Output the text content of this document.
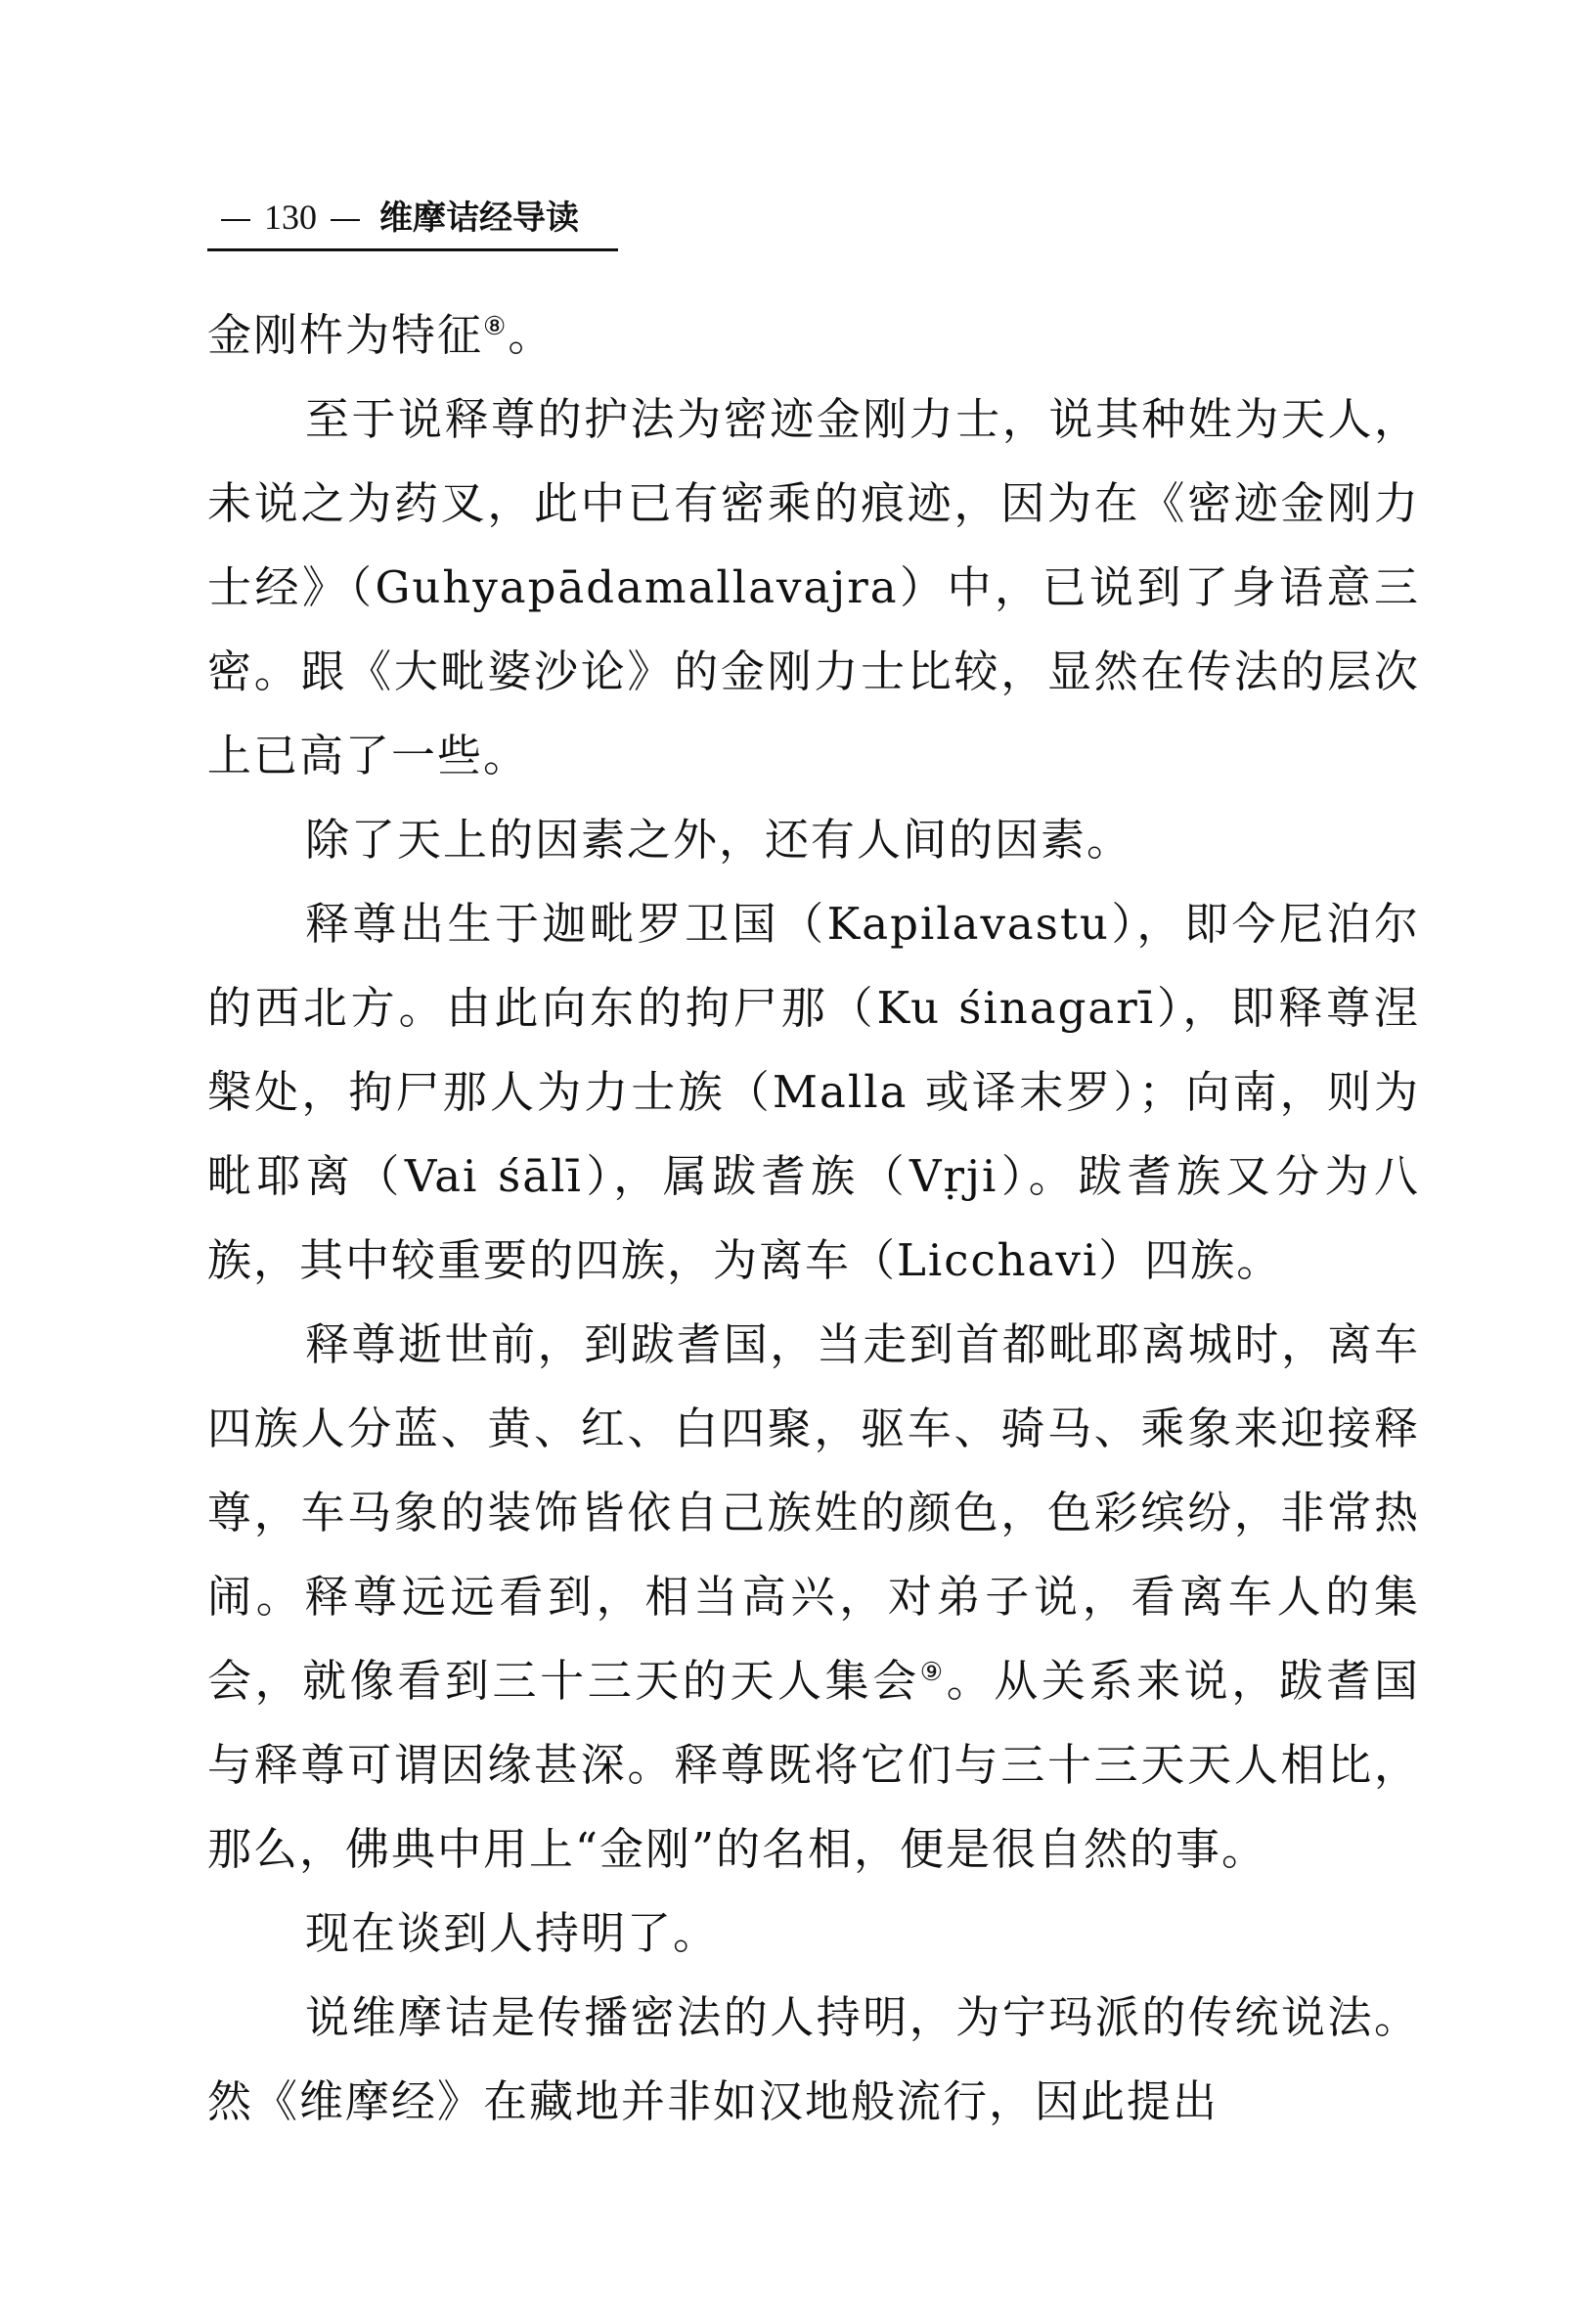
130 维摩诘经导读

金刚杵为特征⑧。

至于说释尊的护法为密迹金刚力士，说其种姓为天人，未说之为药叉，此中已有密乘的痕迹，因为在《密迹金刚力士经》（Guhyapādamallavajra）中，已说到了身语意三密。跟《大毗婆沙论》的金刚力士比较，显然在传法的层次上已高了一些。

除了天上的因素之外，还有人间的因素。

释尊出生于迦毗罗卫国（Kapilavastu），即今尼泊尔的西北方。由此向东的拘尸那（Ku śinagarī），即释尊涅槃处，拘尸那人为力士族（Malla 或译末罗）；向南，则为毗耶离（Vai śālī），属跋耆族（Vṛji）。跋耆族又分为八族，其中较重要的四族，为离车（Licchavi）四族。

释尊逝世前，到跋耆国，当走到首都毗耶离城时，离车四族人分蓝、黄、红、白四聚，驱车、骑马、乘象来迎接释尊，车马象的装饰皆依自己族姓的颜色，色彩缤纷，非常热闹。释尊远远看到，相当高兴，对弟子说，看离车人的集会，就像看到三十三天的天人集会⑨。从关系来说，跋耆国与释尊可谓因缘甚深。释尊既将它们与三十三天天人相比，那么，佛典中用上“金刚”的名相，便是很自然的事。

现在谈到人持明了。

说维摩诘是传播密法的人持明，为宁玛派的传统说法。然《维摩经》在藏地并非如汉地般流行，因此提出
